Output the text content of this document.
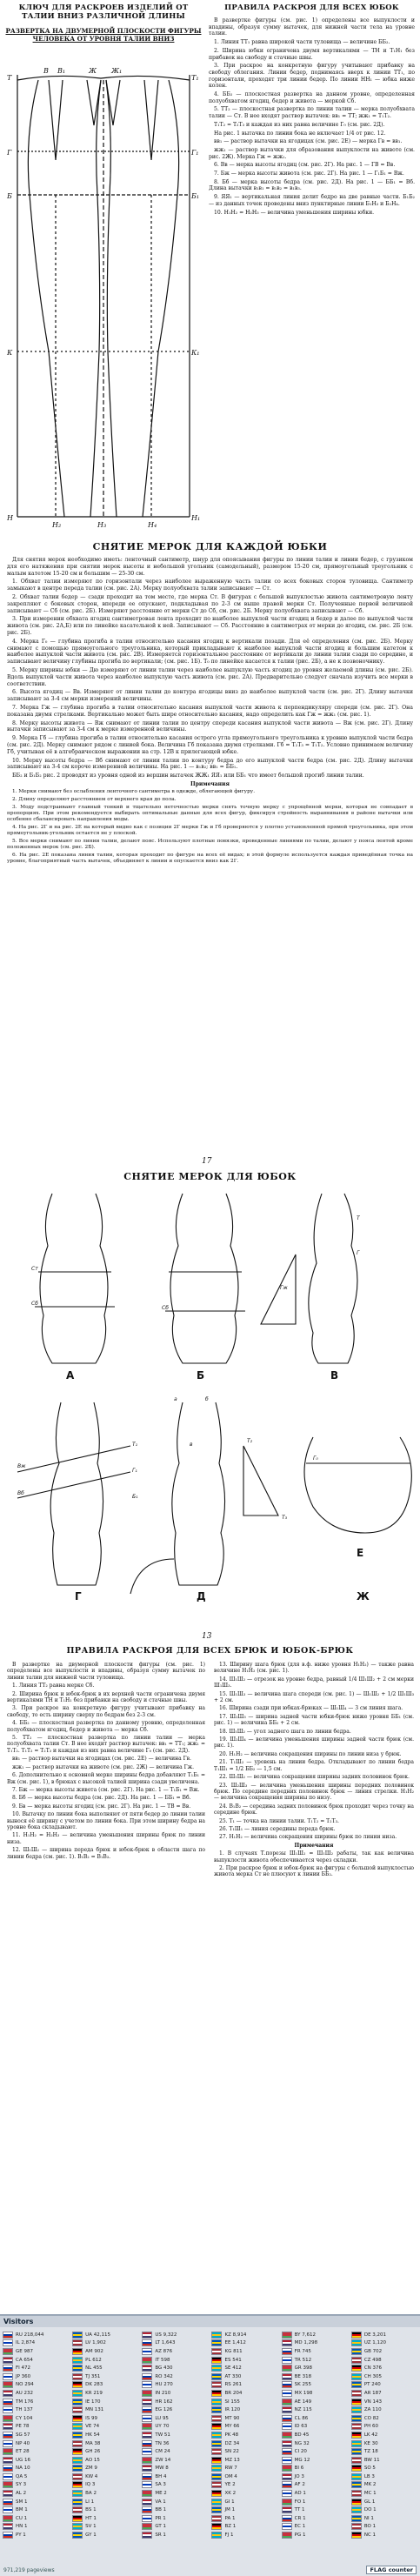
КЛЮЧ ДЛЯ РАСКРОЕВ ИЗДЕЛИЙ ОТ ТАЛИИ ВНИЗ РАЗЛИЧНОЙ ДЛИНЫ
РАЗВЕРТКА НА ДВУМЕРНОЙ ПЛОСКОСТИ ФИГУРЫ ЧЕЛОВЕКА ОТ УРОВНЯ ТАЛИИ ВНИЗ
Т
В В₁	Ж Ж₁
Т₁
Г	Г₁
Б	Б₁
К	К₁
Н
Н₂	Н₃	Н₄
Н₁
ПРАВИЛА РАСКРОЯ ДЛЯ ВСЕХ ЮБОК

В развертке фигуры (см. рис. 1) определены все выпуклости и впадины, образуя сумму вытачек, для нижней части тела на уровне талии.

1. Линия ТТ₁ равна широкой части туловища — величине ББ₂.

2. Ширина юбки ограничена двумя вертикалями — ТН и Т₁Н₁ без прибавок на свободу и стачные швы.

3. При раскрое на конкретную фигуру учитывают прибавку на свободу облегания. Линии бедер, поднимаясь вверх к линии ТТ₁, по горизонтали, проходят три линии бедер. По линии НН₁ — юбка ниже колен.

4. ББ₂ — плоскостная развертка на данном уровне, определенная полуобхватом ягодиц, бедер и живота — меркой Сб.

5. ТТ₂ — плоскостная развертка по линии талии — мерка полуобхвата талии — Ст. В нее входят раствор вытачек: вв₁ = ТТ; жж₁ = Т₁Т₂.

Т₁Т₂ = Т₂Т₃ и каждая из них равна величине Г₀ (см. рис. 2Д).

На рис. 1 вытачка по линии бока не включает 1/4 от рис. 12.

вв₁ — раствор вытачки на ягодицах (см. рис. 2Е) — мерка Гв = вв₁.

жж₁ — раствор вытачки для образования выпуклости на животе (см. рис. 2Ж). Мерка Гж = жж₁.

6. Вв — мерка высоты ягодиц (см. рис. 2Г). На рис. 1 — ГВ = Вв.

7. Бж — мерка высоты живота (см. рис. 2Г). На рис. 1 — Г₁Б₁ = Вж.

8. Бб — мерка высоты бедра (см. рис. 2Д). На рис. 1 — ББ₁ = Вб. Длина вытачки в₁в₁ = в₁в₂ = в₁в₃.

9. ЯЯ₁ — вертикальная линия делит бедро на две равные части. Б₁Б₂ — из данных точек проведены вниз пунктирные линии Б₁Н₃ и Б₂Н₄.

10. Н₁Н₂ = Н₂Н₃ — величина уменьшения ширины юбки.

СНЯТИЕ МЕРОК ДЛЯ КАЖДОЙ ЮБКИ

Для снятия мерок необходимо иметь: ленточный сантиметр, шнур для опоясывания фигуры по линии талии и линии бедер, с грузиком для его натяжения при снятии мерок высоты и небольшой угольник (самодельный), размером 15-20 см, прямоугольный треугольник с малым катетом 15-20 см и большим — 25-30 см.

1. Обхват талии измеряют по горизонтали через наиболее выраженную часть талии со всех боковых сторон туловища. Сантиметр замыкают в центре переда талии (см. рис. 2А). Мерку полуобхвата талии записывают — Ст.

2. Обхват талии бедер — сзади проходит на том месте, где мерка Ст. В фигурах с большой выпуклостью живота сантиметровую ленту закрепляют с боковых сторон, впереди ее опускают, подкладывая по 2-3 см выше правой мерки Ст. Полученные первой величиной записывают — Сб (см. рис. 2Б). Измеряют расстояние от мерки Ст до Сб, см. рис. 2Б. Мерку полуобхвата записывают — Сб.

3. При измерении обхвата ягодиц сантиметровая лента проходит по наиболее выпуклой части ягодиц и бедер и далее по выпуклой части живота (см. рис. 2А,Б) или по линейке касательной к ней. Записывают — Сб. Расстояние в сантиметрах от мерки до ягодиц, см. рис. 2Б (см. рис. 2Б).

4. Мерка Г₀ — глубина прогиба в талии относительно касания ягодиц к вертикали позади. Для её определения (см. рис. 2Б). Мерку снимают с помощью прямоугольного треугольника, который прикладывают к наиболее выпуклой части ягодиц и большим катетом к наиболее выпуклой части живота (см. рис. 2В). Измеряется горизонтальное расстояние от вертикали до линии талии сзади по середине, и записывают величину глубины прогиба по вертикали; (см. рис. 1Б). Т₀ по линейке касается к талии (рис. 2Б), а не к позвоночнику.

5. Мерку ширины юбки — Дю измеряют от линии талии через наиболее выпуклую часть ягодиц до уровня желаемой длины (см. рис. 2Б). Вдоль выпуклой части живота через наиболее выпуклую часть живота (см. рис. 2А). Предварительно следует сначала изучить все мерки в соответствии.

6. Высота ягодиц — Вв. Измеряют от линии талии до контура ягодицы вниз до наиболее выпуклой части (см. рис. 2Г). Длину вытачки записывают за 3-4 см мерки измерений величины.

7. Мерка Гж — глубина прогиба в талии относительно касания выпуклой части живота к перпендикуляру спереди (см. рис. 2Г). Она показана двумя стрелками. Вертикально может быть шире относительно касания, надо определить как Гж = жж₁ (см. рис. 1).

8. Мерку высоты живота — Вж снимают от линии талии по центру спереди касания выпуклой части живота — Вж (см. рис. 2Г). Длину вытачки записывают за 3-4 см к мерке измеренной величины.

9. Мерка Гб — глубина прогиба в талии относительно касания острого угла прямоугольного треугольника к уровню выпуклой части бедра (см. рис. 2Д). Мерку снимают рядом с линией бока. Величина Гб показана двумя стрелками. Гб = Т₂Т₃ = Т₁Т₂. Условно принимаем величину Гб, учитывая её в алгебраическом выражении на стр. 12В к прилегающей юбке.

10. Мерку высоты бедра — Вб снимают от линии талии по контуру бедра до его выпуклой части бедра (см. рис. 2Д). Длину вытачки записывают на 3-4 см короче измеренной величины. На рис. 1 — в₁в₂; вв₁ = ББ₁.

ББ₂ и Б₁Б₂ рис. 2 проводят из уровня одной из вершин вытачек ЖЖ₁ ЯЯ₁ или ББ₁ что имеет большой прогиб линии талии.

Примечания

1. Мерки снимают без ослабления ленточного сантиметра в одежде, облегающей фигуру.

2. Длину определяют расстоянием от верхнего края до пола.

3. Моду подстраивают главный тонкий и тщательно неточностью мерки снять точную мерку с упрощённой мерки, которая не совпадает в пропорциях. При этом рекомендуется выбирать оптимальные данные для всех фигур, фиксируя стройность выравнивания в районе вытачки или особенно сбалансировать направления моды.

4. На рис. 2Г и на рис. 2Е на который видно как с позиции 2Г мерки Гж и Гб проверяются у плотно установленной прямой треугольника, при этом прямоугольник-угольник остается не у плоской.

5. Все мерки снимают по линии талии, делают пояс. Используют плотные повязки, проведенные линиями по талии, делают у пояса лентой кроме положенных мерок (см. рис. 2Б).

6. На рис. 2Е показана линия талии, которая проходит по фигуре на всех её видах; в этой формуле используется каждая приведённая точка на уровне, благоприятный часть вытачек, объединяет к линии и опускается вниз как 2Г.

17
СНЯТИЕ МЕРОК ДЛЯ ЮБОК
Ст
Сб
Сб
Т
Г
Гж
Вж
Вб
Т₁
Г₁
Б₁
Т₂
Т₃
а	б
в
Г₀
А	Б	В
Г	Д
Е
Ж
13
ПРАВИЛА РАСКРОЯ ДЛЯ ВСЕХ БРЮК И ЮБОК-БРЮК

В развертке на двумерной плоскости фигуры (см. рис. 1) определены все выпуклости и впадины, образуя сумму вытачек по линии талии для нижней части туловища.

1. Линия ТТ₂ равна мерке Сб.

2. Ширина брюк и юбок-брюк в их верхней части ограничена двумя вертикалями ТН и Т₁Н₁ без прибавки на свободу и стачные швы.

3. При раскрое на конкретную фигуру учитывают прибавку на свободу, то есть ширину сверху по бедрам без 2-3 см.

4. ББ₂ — плоскостная развертка по данному уровню, определенная полуобхватом ягодиц, бедер и живота — мерка Сб.

5. ТТ₂ — плоскостная развертка по линии талии — мерка полуобхвата талии Ст. В нее входит раствор вытачек: вв₁ = ТТ₁; жж₁ = Т₁Т₂. Т₁Т₂ = Т₂Т₃ и каждая из них равна величине Г₀ (см. рис. 2Д).

вв₁ — раствор вытачки на ягодицах (см. рис. 2Е) — величина Гв.

жж₁ — раствор вытачки на животе (см. рис. 2Ж) — величина Гж.

6. Дополнительно к основной мерке ширины бедра добавляют Т₁Б₁ = Вж (см. рис. 1), в брюках с высокой талией ширина сзади увеличена.

7. Бж — мерка высоты живота (см. рис. 2Г). На рис. 1 — Т₁Б₁ = Вж.

8. Бб — мерка высоты бедра (см. рис. 2Д). На рис. 1 — ББ₁ = Вб.

9. Бв — мерка высоты ягодиц (см. рис. 2Г). На рис. 1 — ТВ = Вв.

10. Вытачку по линии бока выполняют от пяти бедер до линии талии вынося её ширину с учетом по линии бока. При этом ширину бедра на уровне бока складывают.

11. Н₁Н₂ = Н₂Н₃ — величина уменьшения ширины брюк по линии низа.

12. Ш₁Ш₂ — ширина переда брюк и юбок-брюк в области шага по линии бедра (см. рис. 1). В₁В₂ = В₁В₃.

13. Ширину шага брюк (для в.ф. ниже уровня Н₁Н₂) — также равна величине Н₁Н₂ (см. рис. 1).

14. Ш₁Ш₂ — отрезок на уровне бедра, равный 1/4 Ш₁Ш₂ + 2 см мерки Ш₁Ш₃.

15. Ш₁Ш₃ — величина шага спереди (см. рис. 1) — Ш₁Ш₂ + 1/2 Ш₁Ш₃ + 2 см.

16. Ширина сзади при юбках-брюках — Ш₁Ш₄ — 3 см линия шага.

17. Ш₂Ш₃ — ширина задней части юбки-брюк ниже уровня ББ₁ (см. рис. 1) — величина ББ₂ + 2 см.

18. Ш₁Ш₂ — угол заднего шага по линии бедра.

19. Ш₂Ш₄ — величина уменьшения ширины задней части брюк (см. рис. 1).

20. Н₁Н₂ — величина сокращения ширины по линии низа у брюк.

21. Т₁Ш₂ — уровень на линии бедра. Откладывают по линии бедра Т₁Ш₁ = 1/2 ББ₂ — 1,5 см.

22. Ш₁Ш₂ — величина сокращения ширины задних половинок брюк.

23. Ш₂Ш₃ — величина уменьшения ширины передних половинок брюк. По середине передних половинок брюк — линия стрелки. Н₁Н₂ — величина сокращения ширины по низу.

24. В₁В₂ — середина задних половинок брюк проходит через точку на середине брюк.

25. Т₁ — точка на линии талии. Т₁Т₂ = Т₂Т₃.

26. Т₁Ш₁ — линия середины переда брюк.

27. Н₁Н₂ — величина сокращения ширины брюк по линии низа.

Примечания

1. В случаях Т.порезы Ш₁Ш₂ = Ш₁Ш₂ рабаты, так как величина выпуклости живота обеспечивается через складки.

2. При раскрое брюк и юбок-брюк на фигуры с большой выпуклостью живота мерка Ст не плюсуют к линии ББ₂.

Visitors
RU 218,044	UA 42,115	US 9,322	KZ 8,914	BY 7,612	DE 3,201
IL 2,874	LV 1,902	LT 1,643	EE 1,412	MD 1,298	UZ 1,120
GE 987	AM 902	AZ 876	KG 811	FR 745	GB 702
CA 654	PL 612	IT 598	ES 541	TR 512	CZ 498
FI 472	NL 455	BG 430	SE 412	GR 398	CN 376
JP 360	TJ 351	RO 342	AT 330	BE 318	CH 305
NO 294	DK 283	HU 270	RS 261	SK 255	PT 240
AU 232	KR 219	IN 210	BR 204	MX 198	AR 187
TM 176	IE 170	HR 162	SI 155	AE 149	VN 143
TH 137	MN 131	EG 126	IR 120	NZ 115	ZA 110
CY 104	IS 99	LU 95	MT 90	CL 86	CO 82
PE 78	VE 74	UY 70	MY 66	ID 63	PH 60
SG 57	HK 54	TW 51	PK 48	BD 45	LK 42
NP 40	MA 38	TN 36	DZ 34	NG 32	KE 30
ET 28	GH 26	CM 24	SN 22	CI 20	TZ 18
UG 16	AO 15	ZW 14	MZ 13	MG 12	BW 11
NA 10	ZM 9	MW 8	RW 7	BI 6	SO 5
QA 5	KW 4	BH 4	OM 4	JO 3	LB 3
SY 3	IQ 3	SA 3	YE 2	AF 2	MK 2
AL 2	BA 2	ME 2	XK 2	AD 1	MC 1
SM 1	LI 1	VA 1	GI 1	FO 1	GL 1
BM 1	BS 1	BB 1	JM 1	TT 1	DO 1
CU 1	HT 1	PR 1	PA 1	CR 1	NI 1
HN 1	SV 1	GT 1	BZ 1	EC 1	BO 1
PY 1	GY 1	SR 1	FJ 1	PG 1	NC 1
971,219 pageviews	FLAG counter
